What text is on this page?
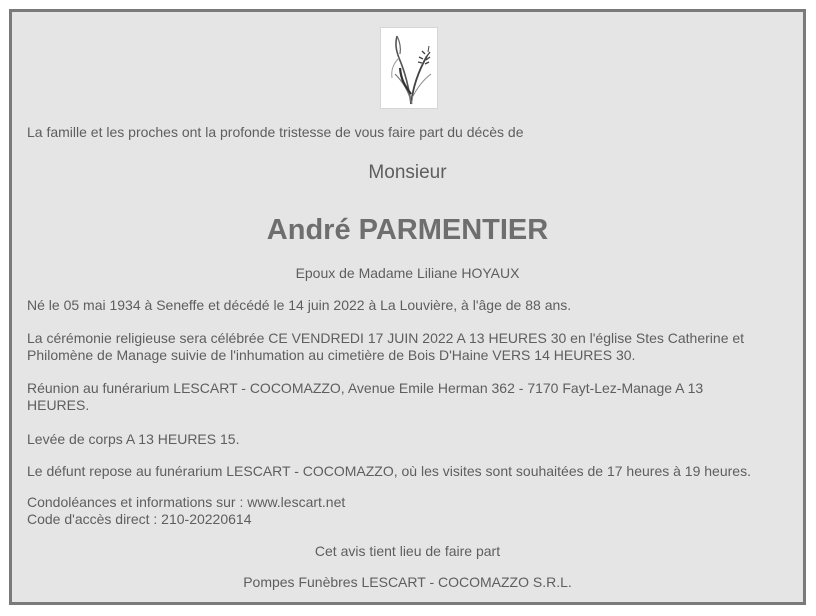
La famille et les proches ont la profonde tristesse de vous faire part du décès de

Monsieur

André PARMENTIER

Epoux de Madame Liliane HOYAUX

Né le 05 mai 1934 à Seneffe et décédé le 14 juin 2022 à La Louvière, à l'âge de 88 ans.

La cérémonie religieuse sera célébrée CE VENDREDI 17 JUIN 2022 A 13 HEURES 30 en l'église Stes Catherine et
Philomène de Manage suivie de l'inhumation au cimetière de Bois D'Haine VERS 14 HEURES 30.
Réunion au funérarium LESCART - COCOMAZZO, Avenue Emile Herman 362 - 7170 Fayt-Lez-Manage A 13
HEURES.

Levée de corps A 13 HEURES 15.

Le défunt repose au funérarium LESCART - COCOMAZZO, où les visites sont souhaitées de 17 heures à 19 heures.

Condoléances et informations sur : www.lescart.net
Code d'accès direct : 210-20220614

Cet avis tient lieu de faire part

Pompes Funèbres LESCART - COCOMAZZO S.R.L.
